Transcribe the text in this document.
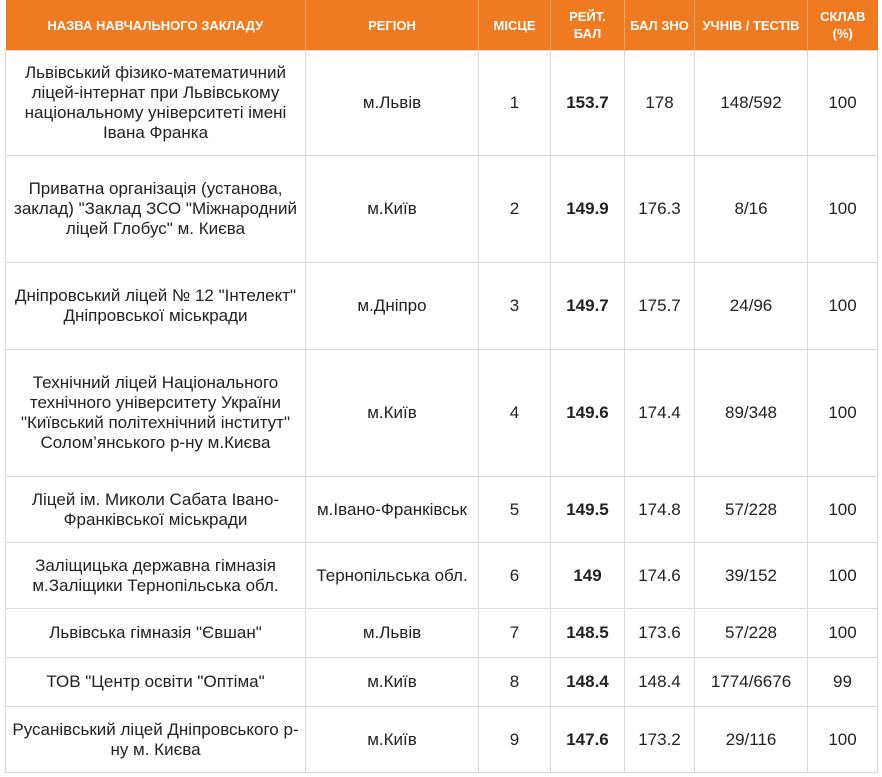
НАЗВА НАВЧАЛЬНОГО ЗАКЛАДУ	РЕГІОН	МІСЦЕ	РЕЙТ. БАЛ	БАЛ ЗНО	УЧНІВ / ТЕСТІВ	СКЛАВ (%)
Львівський фізико-математичний ліцей-інтернат при Львівському національному університеті імені Івана Франка	м.Львів	1	153.7	178	148/592	100
Приватна організація (установа, заклад) "Заклад ЗСО "Міжнародний ліцей Глобус" м. Києва	м.Київ	2	149.9	176.3	8/16	100
Дніпровський ліцей № 12 "Інтелект" Дніпровської міськради	м.Дніпро	3	149.7	175.7	24/96	100
Технічний ліцей Національного технічного університету України "Київський політехнічний інститут" Солом’янського р-ну м.Києва	м.Київ	4	149.6	174.4	89/348	100
Ліцей ім. Миколи Сабата Івано-Франківської міськради	м.Івано-Франківськ	5	149.5	174.8	57/228	100
Заліщицька державна гімназія м.Заліщики Тернопільська обл.	Тернопільська обл.	6	149	174.6	39/152	100
Львівська гімназія "Євшан"	м.Львів	7	148.5	173.6	57/228	100
ТОВ "Центр освіти "Оптіма"	м.Київ	8	148.4	148.4	1774/6676	99
Русанівський ліцей Дніпровського р-ну м. Києва	м.Київ	9	147.6	173.2	29/116	100
